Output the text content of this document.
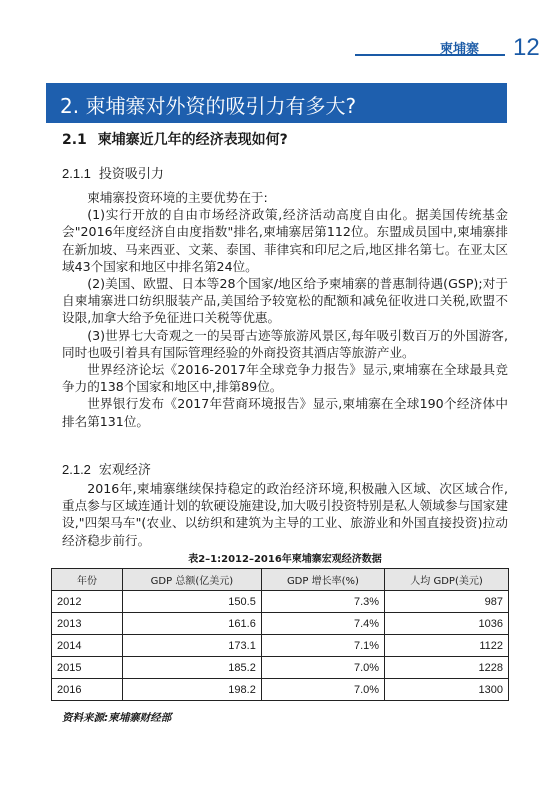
柬埔寨 12
2. 柬埔寨对外资的吸引力有多大?
2.1 柬埔寨近几年的经济表现如何?
2.1.1 投资吸引力

柬埔寨投资环境的主要优势在于:

(1)实行开放的自由市场经济政策,经济活动高度自由化。据美国传统基金会"2016年度经济自由度指数"排名,柬埔寨居第112位。东盟成员国中,柬埔寨排在新加坡、马来西亚、文莱、泰国、菲律宾和印尼之后,地区排名第七。在亚太区域43个国家和地区中排名第24位。

(2)美国、欧盟、日本等28个国家/地区给予柬埔寨的普惠制待遇(GSP);对于自柬埔寨进口纺织服装产品,美国给予较宽松的配额和减免征收进口关税,欧盟不设限,加拿大给予免征进口关税等优惠。

(3)世界七大奇观之一的吴哥古迹等旅游风景区,每年吸引数百万的外国游客,同时也吸引着具有国际管理经验的外商投资其酒店等旅游产业。

世界经济论坛《2016-2017年全球竞争力报告》显示,柬埔寨在全球最具竞争力的138个国家和地区中,排第89位。

世界银行发布《2017年营商环境报告》显示,柬埔寨在全球190个经济体中排名第131位。

2.1.2 宏观经济

2016年,柬埔寨继续保持稳定的政治经济环境,积极融入区域、次区域合作,重点参与区域连通计划的软硬设施建设,加大吸引投资特别是私人领域参与国家建设,"四架马车"(农业、以纺织和建筑为主导的工业、旅游业和外国直接投资)拉动经济稳步前行。

表2–1:2012–2016年柬埔寨宏观经济数据
年份	GDP 总额(亿美元)	GDP 增长率(%)	人均 GDP(美元)
2012	150.5	7.3%	987
2013	161.6	7.4%	1036
2014	173.1	7.1%	1122
2015	185.2	7.0%	1228
2016	198.2	7.0%	1300
资料来源:柬埔寨财经部
